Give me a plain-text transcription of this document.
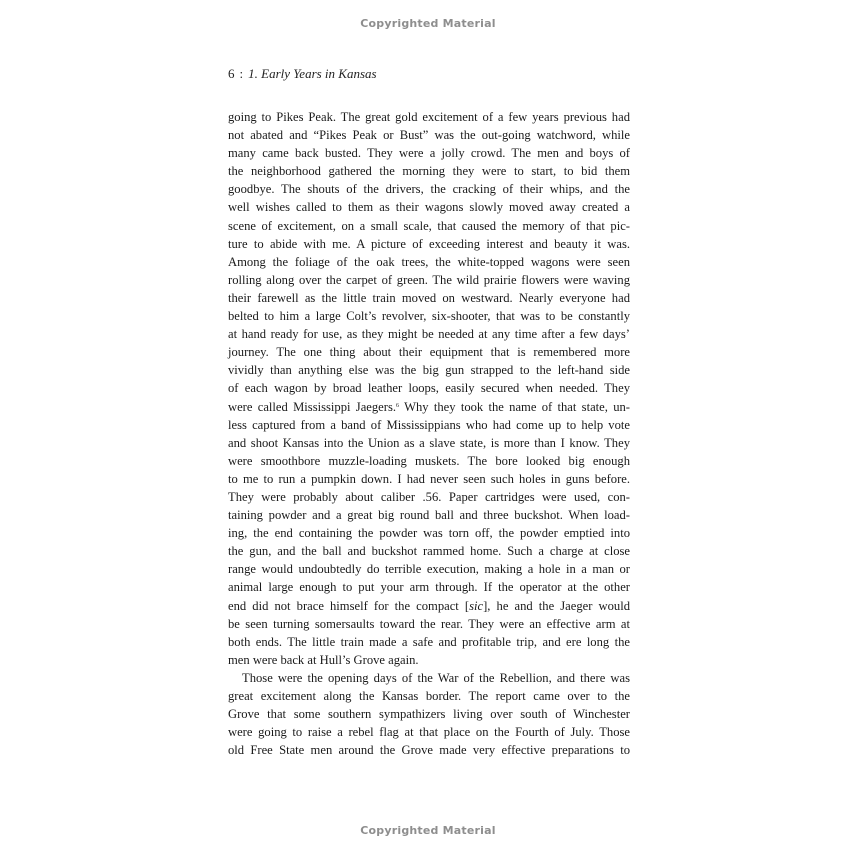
Copyrighted Material
6 : 1. Early Years in Kansas
going to Pikes Peak. The great gold excitement of a few years previous had
not abated and “Pikes Peak or Bust” was the out-going watchword, while
many came back busted. They were a jolly crowd. The men and boys of
the neighborhood gathered the morning they were to start, to bid them
goodbye. The shouts of the drivers, the cracking of their whips, and the
well wishes called to them as their wagons slowly moved away created a
scene of excitement, on a small scale, that caused the memory of that pic-
ture to abide with me. A picture of exceeding interest and beauty it was.
Among the foliage of the oak trees, the white-topped wagons were seen
rolling along over the carpet of green. The wild prairie flowers were waving
their farewell as the little train moved on westward. Nearly everyone had
belted to him a large Colt’s revolver, six-shooter, that was to be constantly
at hand ready for use, as they might be needed at any time after a few days’
journey. The one thing about their equipment that is remembered more
vividly than anything else was the big gun strapped to the left-hand side
of each wagon by broad leather loops, easily secured when needed. They
were called Mississippi Jaegers.$^6$ Why they took the name of that state, un-
less captured from a band of Mississippians who had come up to help vote
and shoot Kansas into the Union as a slave state, is more than I know. They
were smoothbore muzzle-loading muskets. The bore looked big enough
to me to run a pumpkin down. I had never seen such holes in guns before.
They were probably about caliber .56. Paper cartridges were used, con-
taining powder and a great big round ball and three buckshot. When load-
ing, the end containing the powder was torn off, the powder emptied into
the gun, and the ball and buckshot rammed home. Such a charge at close
range would undoubtedly do terrible execution, making a hole in a man or
animal large enough to put your arm through. If the operator at the other
end did not brace himself for the compact [sic], he and the Jaeger would
be seen turning somersaults toward the rear. They were an effective arm at
both ends. The little train made a safe and profitable trip, and ere long the
men were back at Hull’s Grove again.
Those were the opening days of the War of the Rebellion, and there was
great excitement along the Kansas border. The report came over to the
Grove that some southern sympathizers living over south of Winchester
were going to raise a rebel flag at that place on the Fourth of July. Those
old Free State men around the Grove made very effective preparations to
Copyrighted Material
